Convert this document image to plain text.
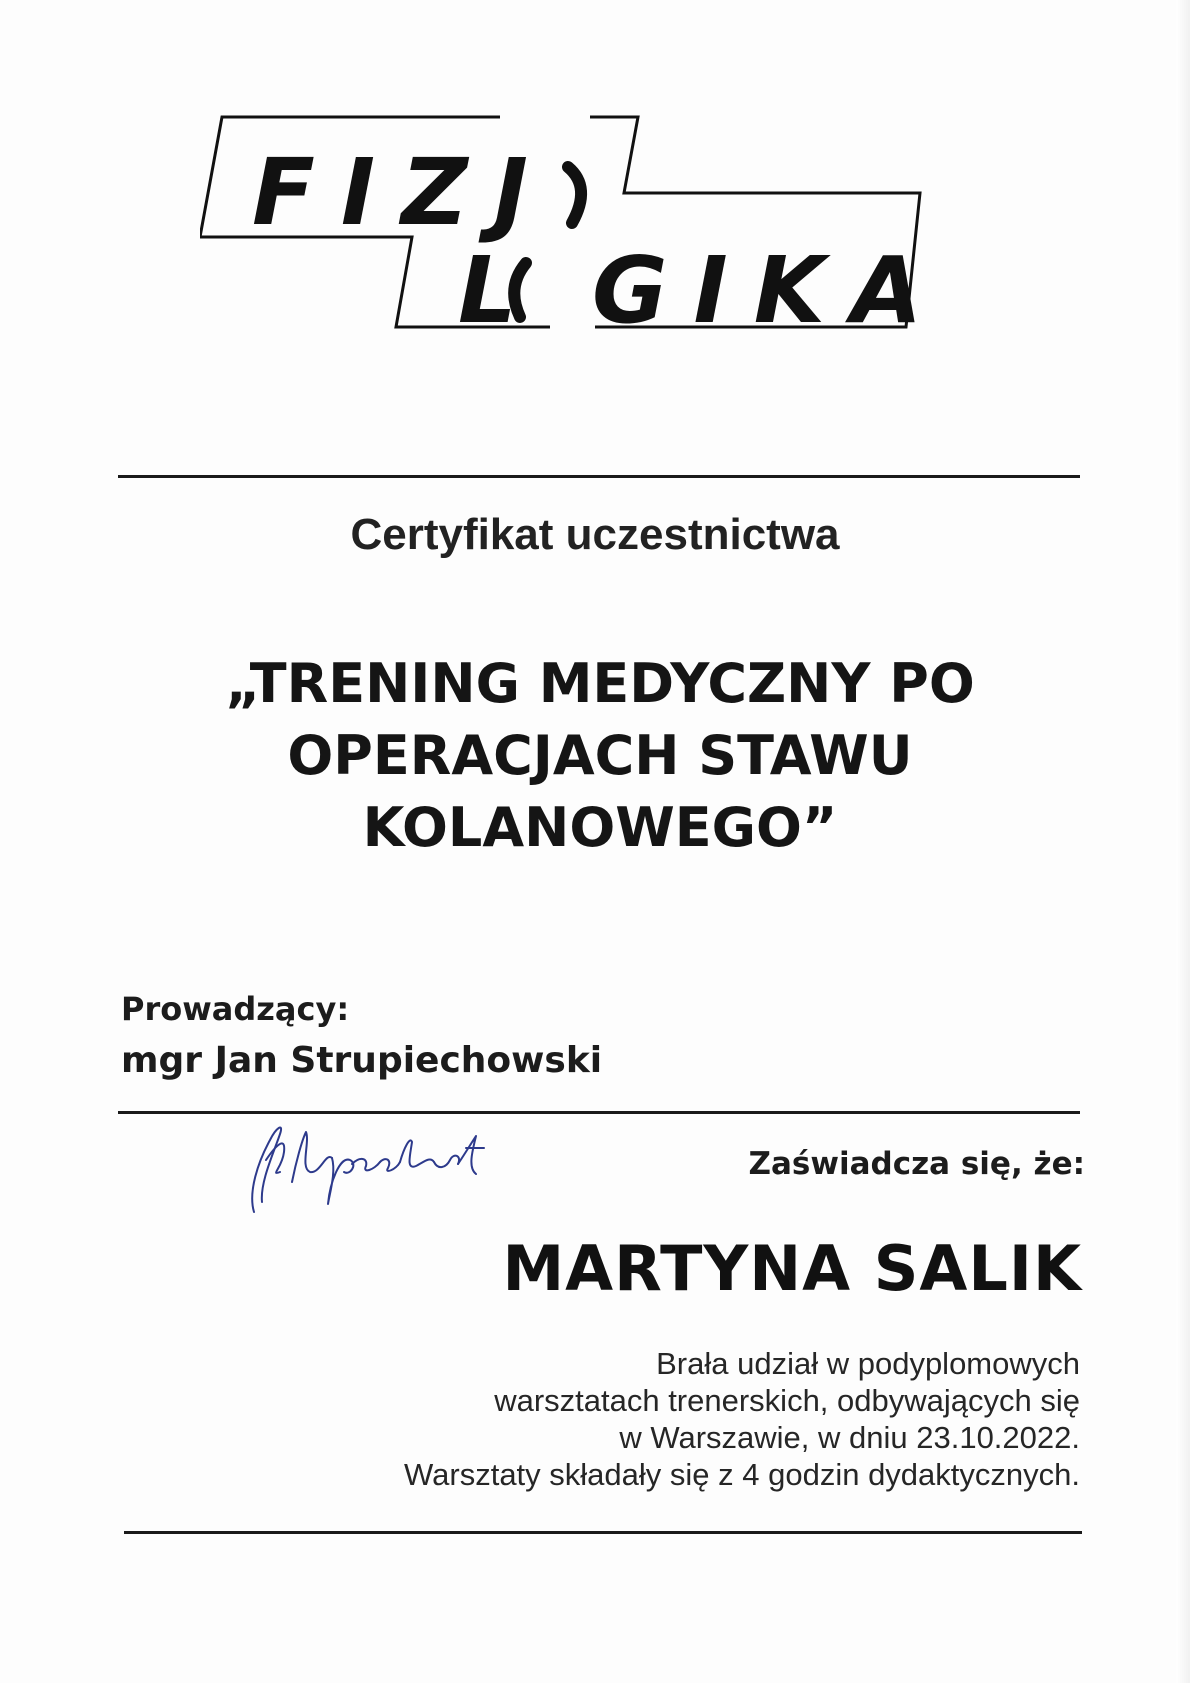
FIZJ
L GIKA
Certyfikat uczestnictwa
„TRENING MEDYCZNY PO
OPERACJACH STAWU
KOLANOWEGO”
Prowadzący:
mgr Jan Strupiechowski
Zaświadcza się, że:
MARTYNA SALIK
Brała udział w podyplomowych
warsztatach trenerskich, odbywających się
w Warszawie, w dniu 23.10.2022.
Warsztaty składały się z 4 godzin dydaktycznych.
